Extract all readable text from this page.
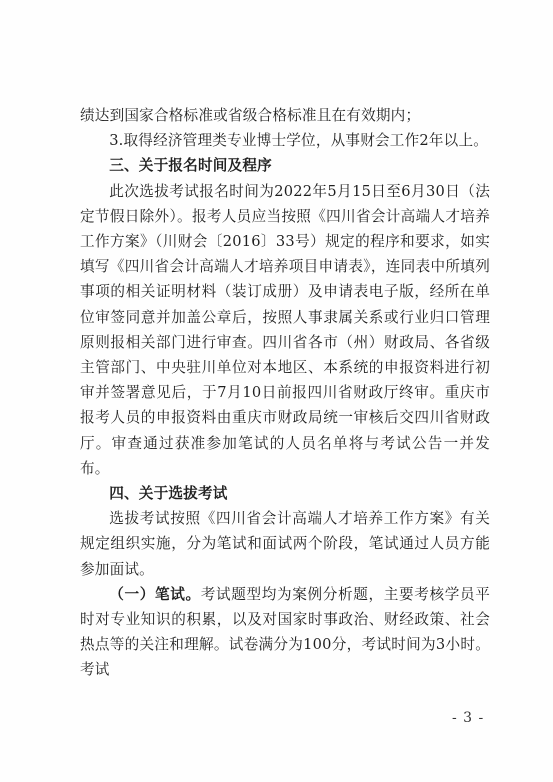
绩达到国家合格标准或省级合格标准且在有效期内；

3.取得经济管理类专业博士学位，从事财会工作2年以上。

三、关于报名时间及程序

此次选拔考试报名时间为2022年5月15日至6月30日（法定节假日除外）。报考人员应当按照《四川省会计高端人才培养工作方案》（川财会〔2016〕33号）规定的程序和要求，如实填写《四川省会计高端人才培养项目申请表》，连同表中所填列事项的相关证明材料（装订成册）及申请表电子版，经所在单位审签同意并加盖公章后，按照人事隶属关系或行业归口管理原则报相关部门进行审查。四川省各市（州）财政局、各省级主管部门、中央驻川单位对本地区、本系统的申报资料进行初审并签署意见后，于7月10日前报四川省财政厅终审。重庆市报考人员的申报资料由重庆市财政局统一审核后交四川省财政厅。审查通过获准参加笔试的人员名单将与考试公告一并发布。

四、关于选拔考试

选拔考试按照《四川省会计高端人才培养工作方案》有关规定组织实施，分为笔试和面试两个阶段，笔试通过人员方能参加面试。

（一）笔试。考试题型均为案例分析题，主要考核学员平时对专业知识的积累，以及对国家时事政治、财经政策、社会热点等的关注和理解。试卷满分为100分，考试时间为3小时。考试

- 3 -
